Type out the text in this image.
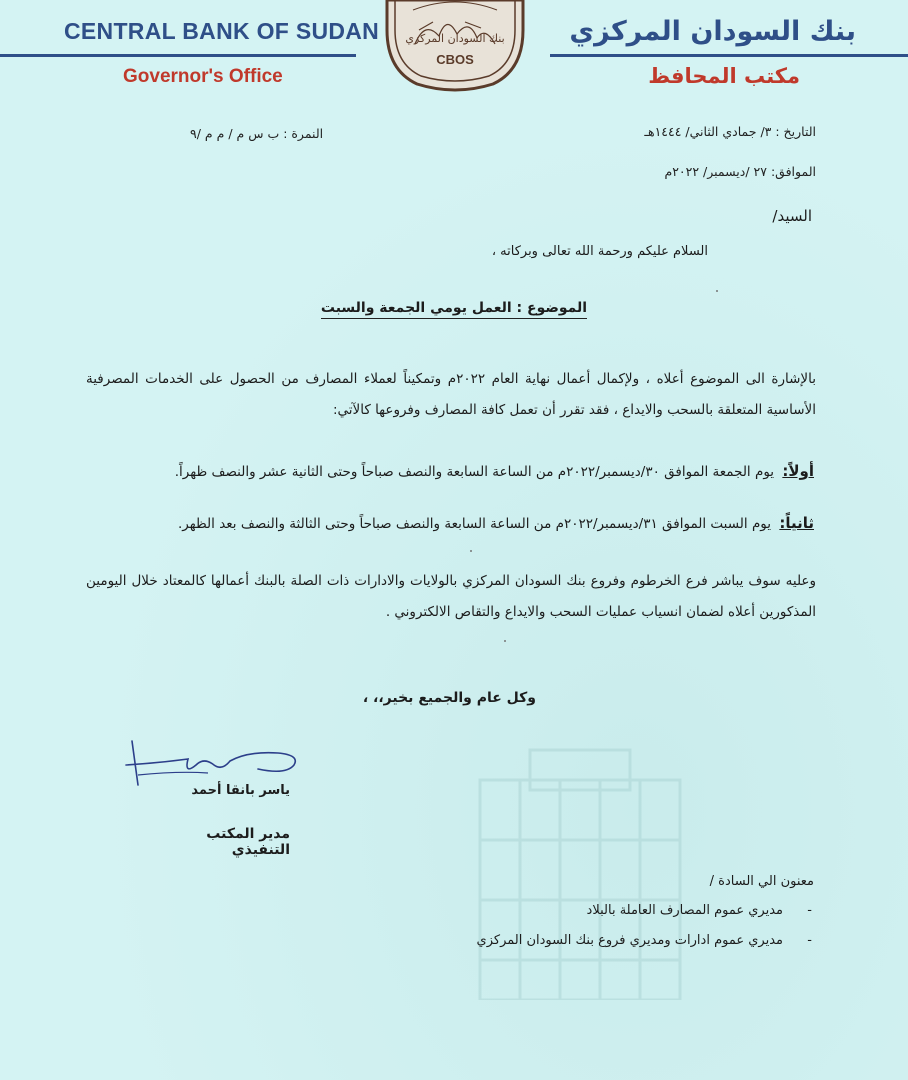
CENTRAL BANK OF SUDAN
Governor's Office
بنك السودان المركزي
مكتب المحافظ
بنك السودان المركزي
CBOS
التاريخ : ٣/ جمادي الثاني/ ١٤٤٤هـ
الموافق: ٢٧ /ديسمبر/ ٢٠٢٢م
النمرة : ب س م / م م /٩
السيد/
السلام عليكم ورحمة الله تعالى وبركاته ،
الموضوع : العمل يومي الجمعة والسبت
بالإشارة الى الموضوع أعلاه ، ولإكمال أعمال نهاية العام ٢٠٢٢م وتمكيناً لعملاء المصارف من الحصول على الخدمات المصرفية الأساسية المتعلقة بالسحب والايداع ، فقد تقرر أن تعمل كافة المصارف وفروعها كالآتي:
أولاً: يوم الجمعة الموافق ٣٠/ديسمبر/٢٠٢٢م من الساعة السابعة والنصف صباحاً وحتى الثانية عشر والنصف ظهراً.
ثانياً: يوم السبت الموافق ٣١/ديسمبر/٢٠٢٢م من الساعة السابعة والنصف صباحاً وحتى الثالثة والنصف بعد الظهر.
وعليه سوف يباشر فرع الخرطوم وفروع بنك السودان المركزي بالولايات والادارات ذات الصلة بالبنك أعمالها كالمعتاد خلال اليومين المذكورين أعلاه لضمان انسياب عمليات السحب والايداع والتقاص الالكتروني .
وكل عام والجميع بخير،، ،
ياسر بانقا أحمد
مدير المكتب التنفيذي
معنون الي السادة /
-
مديري عموم المصارف العاملة بالبلاد
-
مديري عموم ادارات ومديري فروع بنك السودان المركزي
